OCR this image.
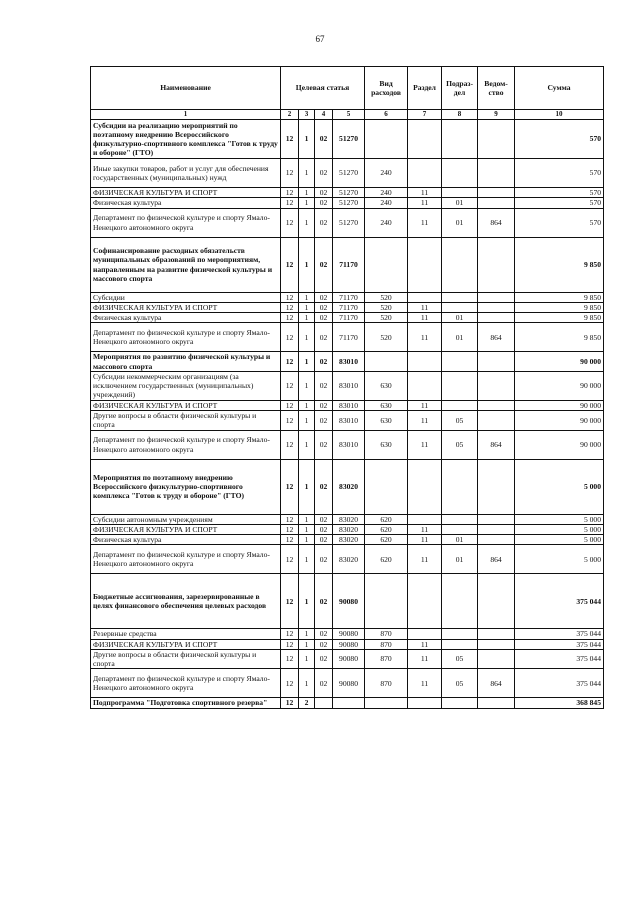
67
Наименование	Целевая статья				Вид расходов	Раздел	Подраз-дел	Ведом-ство	Сумма
1	2	3	4	5	6	7	8	9	10
Субсидии на реализацию мероприятий по поэтапному внедрению Всероссийского физкультурно-спортивного комплекса "Готов к труду и обороне" (ГТО)	12	1	02	51270					570
Иные закупки товаров, работ и услуг для обеспечения государственных (муниципальных) нужд	12	1	02	51270	240				570
ФИЗИЧЕСКАЯ КУЛЬТУРА И СПОРТ	12	1	02	51270	240	11			570
Физическая культура	12	1	02	51270	240	11	01		570
Департамент по физической культуре и спорту Ямало-Ненецкого автономного округа	12	1	02	51270	240	11	01	864	570
Софинансирование расходных обязательств муниципальных образований по мероприятиям, направленным на развитие физической культуры и массового спорта	12	1	02	71170					9 850
Субсидии	12	1	02	71170	520				9 850
ФИЗИЧЕСКАЯ КУЛЬТУРА И СПОРТ	12	1	02	71170	520	11			9 850
Физическая культура	12	1	02	71170	520	11	01		9 850
Департамент по физической культуре и спорту Ямало-Ненецкого автономного округа	12	1	02	71170	520	11	01	864	9 850
Мероприятия по развитию физической культуры и массового спорта	12	1	02	83010					90 000
Субсидии некоммерческим организациям (за исключением государственных (муниципальных) учреждений)	12	1	02	83010	630				90 000
ФИЗИЧЕСКАЯ КУЛЬТУРА И СПОРТ	12	1	02	83010	630	11			90 000
Другие вопросы в области физической культуры и спорта	12	1	02	83010	630	11	05		90 000
Департамент по физической культуре и спорту Ямало-Ненецкого автономного округа	12	1	02	83010	630	11	05	864	90 000
Мероприятия по поэтапному внедрению Всероссийского физкультурно-спортивного комплекса "Готов к труду и обороне" (ГТО)	12	1	02	83020					5 000
Субсидии автономным учреждениям	12	1	02	83020	620				5 000
ФИЗИЧЕСКАЯ КУЛЬТУРА И СПОРТ	12	1	02	83020	620	11			5 000
Физическая культура	12	1	02	83020	620	11	01		5 000
Департамент по физической культуре и спорту Ямало-Ненецкого автономного округа	12	1	02	83020	620	11	01	864	5 000
Бюджетные ассигнования, зарезервированные в целях финансового обеспечения целевых расходов	12	1	02	90080					375 044
Резервные средства	12	1	02	90080	870				375 044
ФИЗИЧЕСКАЯ КУЛЬТУРА И СПОРТ	12	1	02	90080	870	11			375 044
Другие вопросы в области физической культуры и спорта	12	1	02	90080	870	11	05		375 044
Департамент по физической культуре и спорту Ямало-Ненецкого автономного округа	12	1	02	90080	870	11	05	864	375 044
Подпрограмма "Подготовка спортивного резерва"	12	2							368 845
